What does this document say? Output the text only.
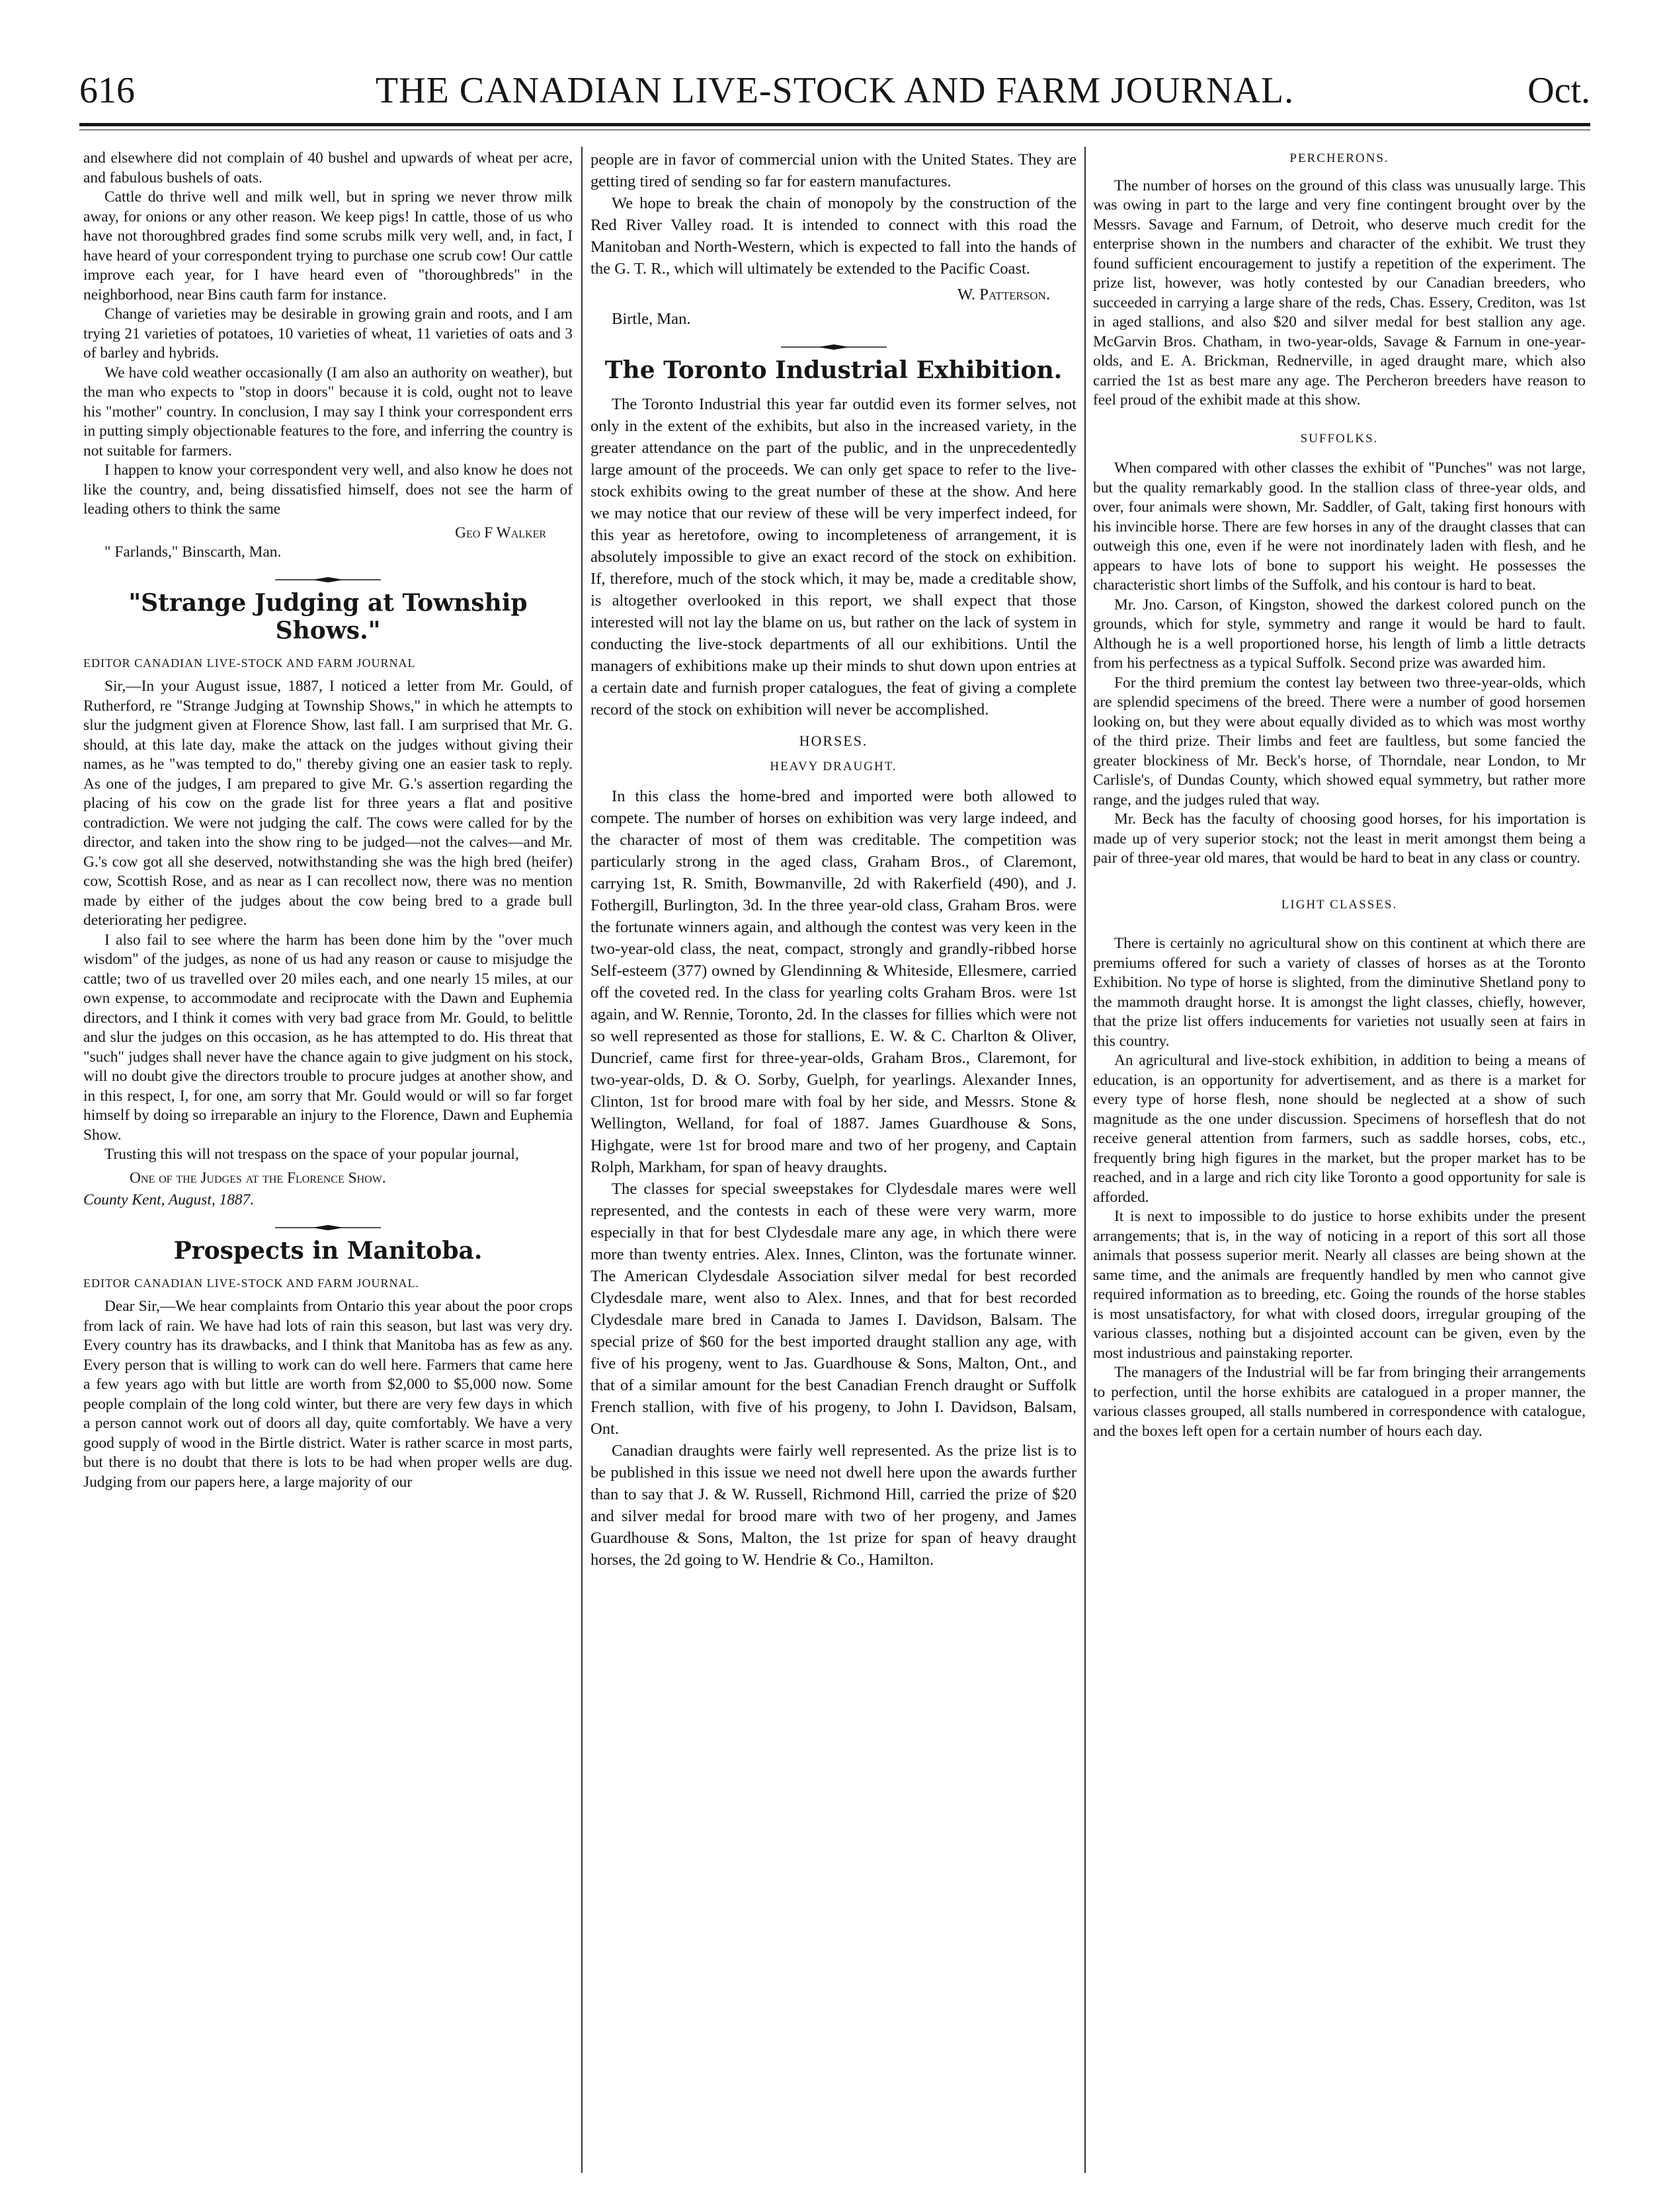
616	THE CANADIAN LIVE-STOCK AND FARM JOURNAL.	Oct.

and elsewhere did not complain of 40 bushel and upwards of wheat per acre, and fabulous bushels of oats.

Cattle do thrive well and milk well, but in spring we never throw milk away, for onions or any other reason. We keep pigs! In cattle, those of us who have not thoroughbred grades find some scrubs milk very well, and, in fact, I have heard of your correspondent trying to purchase one scrub cow! Our cattle improve each year, for I have heard even of "thoroughbreds" in the neighborhood, near Bins cauth farm for instance.

Change of varieties may be desirable in growing grain and roots, and I am trying 21 varieties of potatoes, 10 varieties of wheat, 11 varieties of oats and 3 of barley and hybrids.

We have cold weather occasionally (I am also an authority on weather), but the man who expects to "stop in doors" because it is cold, ought not to leave his "mother" country. In conclusion, I may say I think your correspondent errs in putting simply objectionable features to the fore, and inferring the country is not suitable for farmers.

I happen to know your correspondent very well, and also know he does not like the country, and, being dissatisfied himself, does not see the harm of leading others to think the same

Geo F Walker
" Farlands," Binscarth, Man.
"Strange Judging at Township Shows."
EDITOR CANADIAN LIVE-STOCK AND FARM JOURNAL

Sir,—In your August issue, 1887, I noticed a letter from Mr. Gould, of Rutherford, re "Strange Judging at Township Shows," in which he attempts to slur the judgment given at Florence Show, last fall. I am surprised that Mr. G. should, at this late day, make the attack on the judges without giving their names, as he "was tempted to do," thereby giving one an easier task to reply. As one of the judges, I am prepared to give Mr. G.'s assertion regarding the placing of his cow on the grade list for three years a flat and positive contradiction. We were not judging the calf. The cows were called for by the director, and taken into the show ring to be judged—not the calves—and Mr. G.'s cow got all she deserved, notwithstanding she was the high bred (heifer) cow, Scottish Rose, and as near as I can recollect now, there was no mention made by either of the judges about the cow being bred to a grade bull deteriorating her pedigree.

I also fail to see where the harm has been done him by the "over much wisdom" of the judges, as none of us had any reason or cause to misjudge the cattle; two of us travelled over 20 miles each, and one nearly 15 miles, at our own expense, to accommodate and reciprocate with the Dawn and Euphemia directors, and I think it comes with very bad grace from Mr. Gould, to belittle and slur the judges on this occasion, as he has attempted to do. His threat that "such" judges shall never have the chance again to give judgment on his stock, will no doubt give the directors trouble to procure judges at another show, and in this respect, I, for one, am sorry that Mr. Gould would or will so far forget himself by doing so irreparable an injury to the Florence, Dawn and Euphemia Show.

Trusting this will not trespass on the space of your popular journal,

One of the Judges at the Florence Show.
County Kent, August, 1887.
Prospects in Manitoba.
EDITOR CANADIAN LIVE-STOCK AND FARM JOURNAL.

Dear Sir,—We hear complaints from Ontario this year about the poor crops from lack of rain. We have had lots of rain this season, but last was very dry. Every country has its drawbacks, and I think that Manitoba has as few as any. Every person that is willing to work can do well here. Farmers that came here a few years ago with but little are worth from $2,000 to $5,000 now. Some people complain of the long cold winter, but there are very few days in which a person cannot work out of doors all day, quite comfortably. We have a very good supply of wood in the Birtle district. Water is rather scarce in most parts, but there is no doubt that there is lots to be had when proper wells are dug. Judging from our papers here, a large majority of our

people are in favor of commercial union with the United States. They are getting tired of sending so far for eastern manufactures.

We hope to break the chain of monopoly by the construction of the Red River Valley road. It is intended to connect with this road the Manitoban and North-Western, which is expected to fall into the hands of the G. T. R., which will ultimately be extended to the Pacific Coast.

W. Patterson.
Birtle, Man.
The Toronto Industrial Exhibition.

The Toronto Industrial this year far outdid even its former selves, not only in the extent of the exhibits, but also in the increased variety, in the greater attendance on the part of the public, and in the unprecedentedly large amount of the proceeds. We can only get space to refer to the live-stock exhibits owing to the great number of these at the show. And here we may notice that our review of these will be very imperfect indeed, for this year as heretofore, owing to incompleteness of arrangement, it is absolutely impossible to give an exact record of the stock on exhibition. If, therefore, much of the stock which, it may be, made a creditable show, is altogether overlooked in this report, we shall expect that those interested will not lay the blame on us, but rather on the lack of system in conducting the live-stock departments of all our exhibitions. Until the managers of exhibitions make up their minds to shut down upon entries at a certain date and furnish proper catalogues, the feat of giving a complete record of the stock on exhibition will never be accomplished.

HORSES.
HEAVY DRAUGHT.

In this class the home-bred and imported were both allowed to compete. The number of horses on exhibition was very large indeed, and the character of most of them was creditable. The competition was particularly strong in the aged class, Graham Bros., of Claremont, carrying 1st, R. Smith, Bowmanville, 2d with Rakerfield (490), and J. Fothergill, Burlington, 3d. In the three year-old class, Graham Bros. were the fortunate winners again, and although the contest was very keen in the two-year-old class, the neat, compact, strongly and grandly-ribbed horse Self-esteem (377) owned by Glendinning & Whiteside, Ellesmere, carried off the coveted red. In the class for yearling colts Graham Bros. were 1st again, and W. Rennie, Toronto, 2d. In the classes for fillies which were not so well represented as those for stallions, E. W. & C. Charlton & Oliver, Duncrief, came first for three-year-olds, Graham Bros., Claremont, for two-year-olds, D. & O. Sorby, Guelph, for yearlings. Alexander Innes, Clinton, 1st for brood mare with foal by her side, and Messrs. Stone & Wellington, Welland, for foal of 1887. James Guardhouse & Sons, Highgate, were 1st for brood mare and two of her progeny, and Captain Rolph, Markham, for span of heavy draughts.

The classes for special sweepstakes for Clydesdale mares were well represented, and the contests in each of these were very warm, more especially in that for best Clydesdale mare any age, in which there were more than twenty entries. Alex. Innes, Clinton, was the fortunate winner. The American Clydesdale Association silver medal for best recorded Clydesdale mare, went also to Alex. Innes, and that for best recorded Clydesdale mare bred in Canada to James I. Davidson, Balsam. The special prize of $60 for the best imported draught stallion any age, with five of his progeny, went to Jas. Guardhouse & Sons, Malton, Ont., and that of a similar amount for the best Canadian French draught or Suffolk French stallion, with five of his progeny, to John I. Davidson, Balsam, Ont.

Canadian draughts were fairly well represented. As the prize list is to be published in this issue we need not dwell here upon the awards further than to say that J. & W. Russell, Richmond Hill, carried the prize of $20 and silver medal for brood mare with two of her progeny, and James Guardhouse & Sons, Malton, the 1st prize for span of heavy draught horses, the 2d going to W. Hendrie & Co., Hamilton.

PERCHERONS.

The number of horses on the ground of this class was unusually large. This was owing in part to the large and very fine contingent brought over by the Messrs. Savage and Farnum, of Detroit, who deserve much credit for the enterprise shown in the numbers and character of the exhibit. We trust they found sufficient encouragement to justify a repetition of the experiment. The prize list, however, was hotly contested by our Canadian breeders, who succeeded in carrying a large share of the reds, Chas. Essery, Crediton, was 1st in aged stallions, and also $20 and silver medal for best stallion any age. McGarvin Bros. Chatham, in two-year-olds, Savage & Farnum in one-year-olds, and E. A. Brickman, Rednerville, in aged draught mare, which also carried the 1st as best mare any age. The Percheron breeders have reason to feel proud of the exhibit made at this show.

SUFFOLKS.

When compared with other classes the exhibit of "Punches" was not large, but the quality remarkably good. In the stallion class of three-year olds, and over, four animals were shown, Mr. Saddler, of Galt, taking first honours with his invincible horse. There are few horses in any of the draught classes that can outweigh this one, even if he were not inordinately laden with flesh, and he appears to have lots of bone to support his weight. He possesses the characteristic short limbs of the Suffolk, and his contour is hard to beat.

Mr. Jno. Carson, of Kingston, showed the darkest colored punch on the grounds, which for style, symmetry and range it would be hard to fault. Although he is a well proportioned horse, his length of limb a little detracts from his perfectness as a typical Suffolk. Second prize was awarded him.

For the third premium the contest lay between two three-year-olds, which are splendid specimens of the breed. There were a number of good horsemen looking on, but they were about equally divided as to which was most worthy of the third prize. Their limbs and feet are faultless, but some fancied the greater blockiness of Mr. Beck's horse, of Thorndale, near London, to Mr Carlisle's, of Dundas County, which showed equal symmetry, but rather more range, and the judges ruled that way.

Mr. Beck has the faculty of choosing good horses, for his importation is made up of very superior stock; not the least in merit amongst them being a pair of three-year old mares, that would be hard to beat in any class or country.

LIGHT CLASSES.

There is certainly no agricultural show on this continent at which there are premiums offered for such a variety of classes of horses as at the Toronto Exhibition. No type of horse is slighted, from the diminutive Shetland pony to the mammoth draught horse. It is amongst the light classes, chiefly, however, that the prize list offers inducements for varieties not usually seen at fairs in this country.

An agricultural and live-stock exhibition, in addition to being a means of education, is an opportunity for advertisement, and as there is a market for every type of horse flesh, none should be neglected at a show of such magnitude as the one under discussion. Specimens of horseflesh that do not receive general attention from farmers, such as saddle horses, cobs, etc., frequently bring high figures in the market, but the proper market has to be reached, and in a large and rich city like Toronto a good opportunity for sale is afforded.

It is next to impossible to do justice to horse exhibits under the present arrangements; that is, in the way of noticing in a report of this sort all those animals that possess superior merit. Nearly all classes are being shown at the same time, and the animals are frequently handled by men who cannot give required information as to breeding, etc. Going the rounds of the horse stables is most unsatisfactory, for what with closed doors, irregular grouping of the various classes, nothing but a disjointed account can be given, even by the most industrious and painstaking reporter.

The managers of the Industrial will be far from bringing their arrangements to perfection, until the horse exhibits are catalogued in a proper manner, the various classes grouped, all stalls numbered in correspondence with catalogue, and the boxes left open for a certain number of hours each day.
